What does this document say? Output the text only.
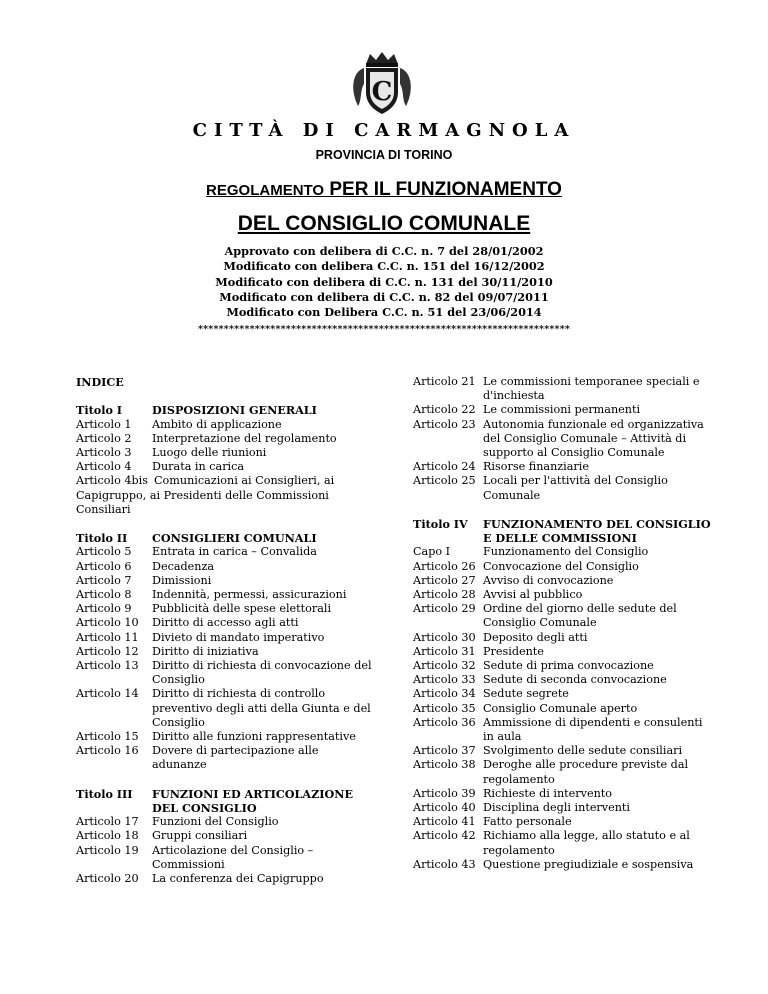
C
CITTÀ DI CARMAGNOLA
PROVINCIA DI TORINO
REGOLAMENTO PER IL FUNZIONAMENTO
DEL CONSIGLIO COMUNALE
Approvato con delibera di C.C. n. 7 del 28/01/2002
Modificato con delibera C.C. n. 151 del 16/12/2002
Modificato con delibera di C.C. n. 131 del 30/11/2010
Modificato con delibera di C.C. n. 82 del 09/07/2011
Modificato con Delibera C.C. n. 51 del 23/06/2014
************************************************************************
INDICE
Titolo I	DISPOSIZIONI GENERALI
Articolo 1	Ambito di applicazione
Articolo 2	Interpretazione del regolamento
Articolo 3	Luogo delle riunioni
Articolo 4	Durata in carica
Articolo 4bis Comunicazioni ai Consiglieri, ai Capigruppo, ai Presidenti delle Commissioni Consiliari
Titolo II	CONSIGLIERI COMUNALI
Articolo 5	Entrata in carica – Convalida
Articolo 6	Decadenza
Articolo 7	Dimissioni
Articolo 8	Indennità, permessi, assicurazioni
Articolo 9	Pubblicità delle spese elettorali
Articolo 10	Diritto di accesso agli atti
Articolo 11	Divieto di mandato imperativo
Articolo 12	Diritto di iniziativa
Articolo 13	Diritto di richiesta di convocazione del Consiglio
Articolo 14	Diritto di richiesta di controllo preventivo degli atti della Giunta e del Consiglio
Articolo 15	Diritto alle funzioni rappresentative
Articolo 16	Dovere di partecipazione alle adunanze
Titolo III	FUNZIONI ED ARTICOLAZIONE DEL CONSIGLIO
Articolo 17	Funzioni del Consiglio
Articolo 18	Gruppi consiliari
Articolo 19	Articolazione del Consiglio – Commissioni
Articolo 20	La conferenza dei Capigruppo
Articolo 21 Le commissioni temporanee speciali e d'inchiesta
Articolo 22 Le commissioni permanenti
Articolo 23 Autonomia funzionale ed organizzativa del Consiglio Comunale – Attività di supporto al Consiglio Comunale
Articolo 24 Risorse finanziarie
Articolo 25 Locali per l'attività del Consiglio Comunale
Titolo IV	FUNZIONAMENTO DEL CONSIGLIO E DELLE COMMISSIONI
Capo I	Funzionamento del Consiglio
Articolo 26 Convocazione del Consiglio
Articolo 27 Avviso di convocazione
Articolo 28 Avvisi al pubblico
Articolo 29 Ordine del giorno delle sedute del Consiglio Comunale
Articolo 30 Deposito degli atti
Articolo 31 Presidente
Articolo 32 Sedute di prima convocazione
Articolo 33 Sedute di seconda convocazione
Articolo 34 Sedute segrete
Articolo 35 Consiglio Comunale aperto
Articolo 36 Ammissione di dipendenti e consulenti in aula
Articolo 37 Svolgimento delle sedute consiliari
Articolo 38 Deroghe alle procedure previste dal regolamento
Articolo 39 Richieste di intervento
Articolo 40 Disciplina degli interventi
Articolo 41 Fatto personale
Articolo 42 Richiamo alla legge, allo statuto e al regolamento
Articolo 43 Questione pregiudiziale e sospensiva
